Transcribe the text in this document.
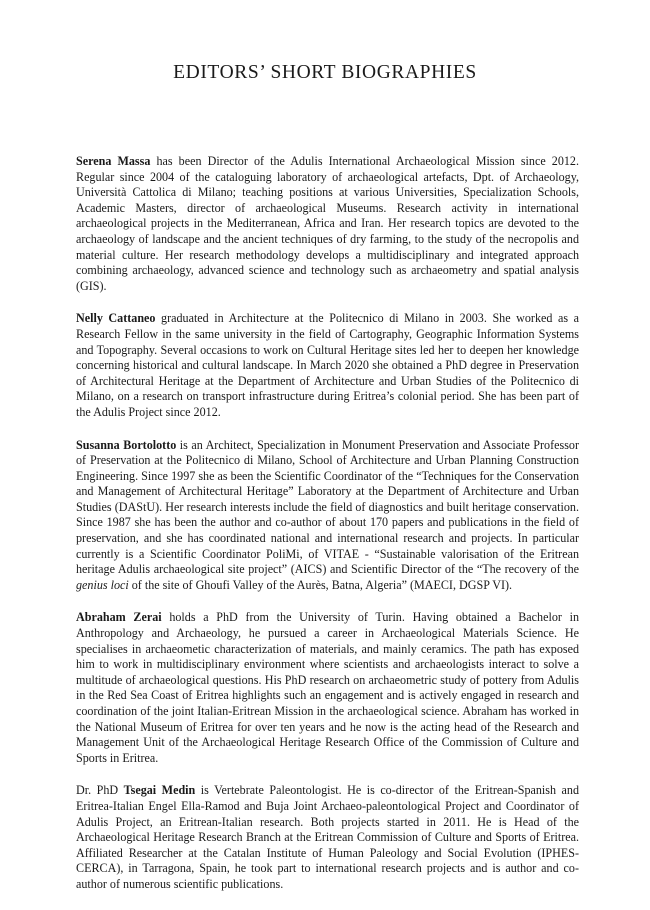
EDITORS’ SHORT BIOGRAPHIES

Serena Massa has been Director of the Adulis International Archaeological Mission since 2012. Regular since 2004 of the cataloguing laboratory of archaeological artefacts, Dpt. of Archaeology, Università Cattolica di Milano; teaching positions at various Universities, Specialization Schools, Academic Masters, director of archaeological Museums. Research activity in international archaeological projects in the Mediterranean, Africa and Iran. Her research topics are devoted to the archaeology of landscape and the ancient techniques of dry farming, to the study of the necropolis and material culture. Her research methodology develops a multidisciplinary and integrated approach combining archaeology, advanced science and technology such as archaeometry and spatial analysis (GIS).

Nelly Cattaneo graduated in Architecture at the Politecnico di Milano in 2003. She worked as a Research Fellow in the same university in the field of Cartography, Geographic Information Systems and Topography. Several occasions to work on Cultural Heritage sites led her to deepen her knowledge concerning historical and cultural landscape. In March 2020 she obtained a PhD degree in Preservation of Architectural Heritage at the Department of Architecture and Urban Studies of the Politecnico di Milano, on a research on transport infrastructure during Eritrea’s colonial period. She has been part of the Adulis Project since 2012.

Susanna Bortolotto is an Architect, Specialization in Monument Preservation and Associate Professor of Preservation at the Politecnico di Milano, School of Architecture and Urban Planning Construction Engineering. Since 1997 she as been the Scientific Coordinator of the “Techniques for the Conservation and Management of Architectural Heritage” Laboratory at the Department of Architecture and Urban Studies (DAStU). Her research interests include the field of diagnostics and built heritage conservation. Since 1987 she has been the author and co-author of about 170 papers and publications in the field of preservation, and she has coordinated national and international research and projects. In particular currently is a Scientific Coordinator PoliMi, of VITAE - “Sustainable valorisation of the Eritrean heritage Adulis archaeological site project” (AICS) and Scientific Director of the “The recovery of the genius loci of the site of Ghoufi Valley of the Aurès, Batna, Algeria” (MAECI, DGSP VI).

Abraham Zerai holds a PhD from the University of Turin. Having obtained a Bachelor in Anthropology and Archaeology, he pursued a career in Archaeological Materials Science. He specialises in archaeometic characterization of materials, and mainly ceramics. The path has exposed him to work in multidisciplinary environment where scientists and archaeologists interact to solve a multitude of archaeological questions. His PhD research on archaeometric study of pottery from Adulis in the Red Sea Coast of Eritrea highlights such an engagement and is actively engaged in research and coordination of the joint Italian-Eritrean Mission in the archaeological science. Abraham has worked in the National Museum of Eritrea for over ten years and he now is the acting head of the Research and Management Unit of the Archaeological Heritage Research Office of the Commission of Culture and Sports in Eritrea.

Dr. PhD Tsegai Medin is Vertebrate Paleontologist. He is co-director of the Eritrean-Spanish and Eritrea-Italian Engel Ella-Ramod and Buja Joint Archaeo-paleontological Project and Coordinator of Adulis Project, an Eritrean-Italian research. Both projects started in 2011. He is Head of the Archaeological Heritage Research Branch at the Eritrean Commission of Culture and Sports of Eritrea. Affiliated Researcher at the Catalan Institute of Human Paleology and Social Evolution (IPHES-CERCA), in Tarragona, Spain, he took part to international research projects and is author and co-author of numerous scientific publications.
